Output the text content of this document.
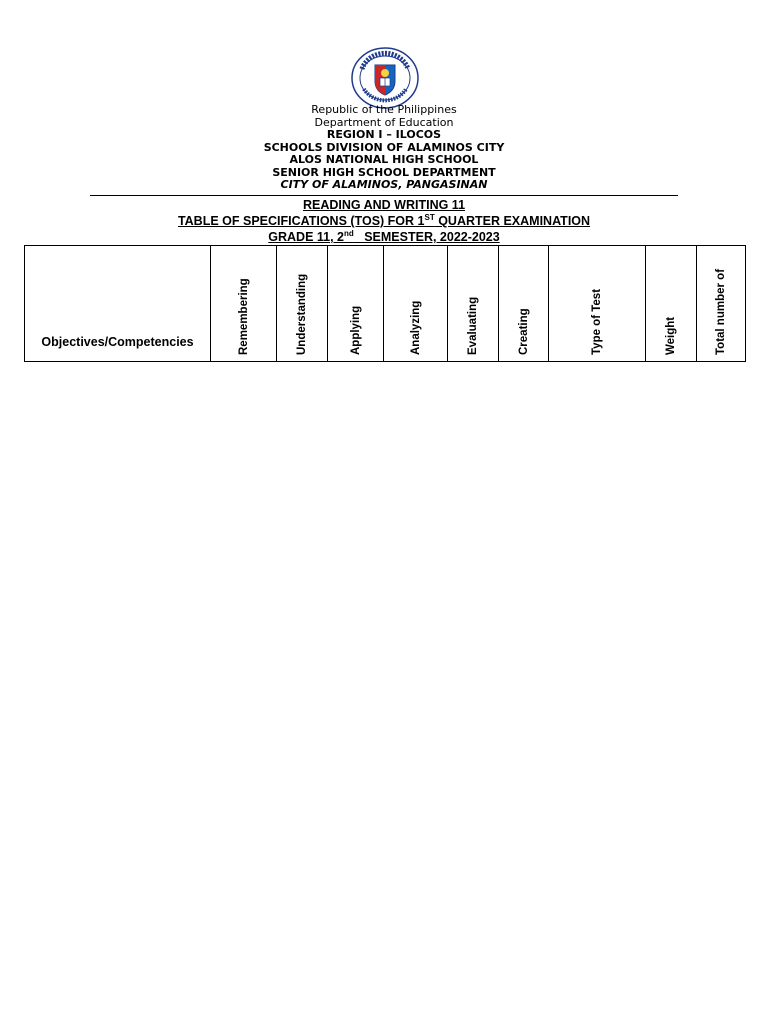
Republic of the Philippines
Department of Education
REGION I – ILOCOS
SCHOOLS DIVISION OF ALAMINOS CITY
ALOS NATIONAL HIGH SCHOOL
SENIOR HIGH SCHOOL DEPARTMENT
CITY OF ALAMINOS, PANGASINAN
READING AND WRITING 11
TABLE OF SPECIFICATIONS (TOS) FOR 1ST QUARTER EXAMINATION
GRADE 11, 2nd   SEMESTER, 2022-2023
Objectives/Competencies	Remembering	Understanding	Applying	Analyzing	Evaluating	Creating	Type of Test	Weight	Total number of
